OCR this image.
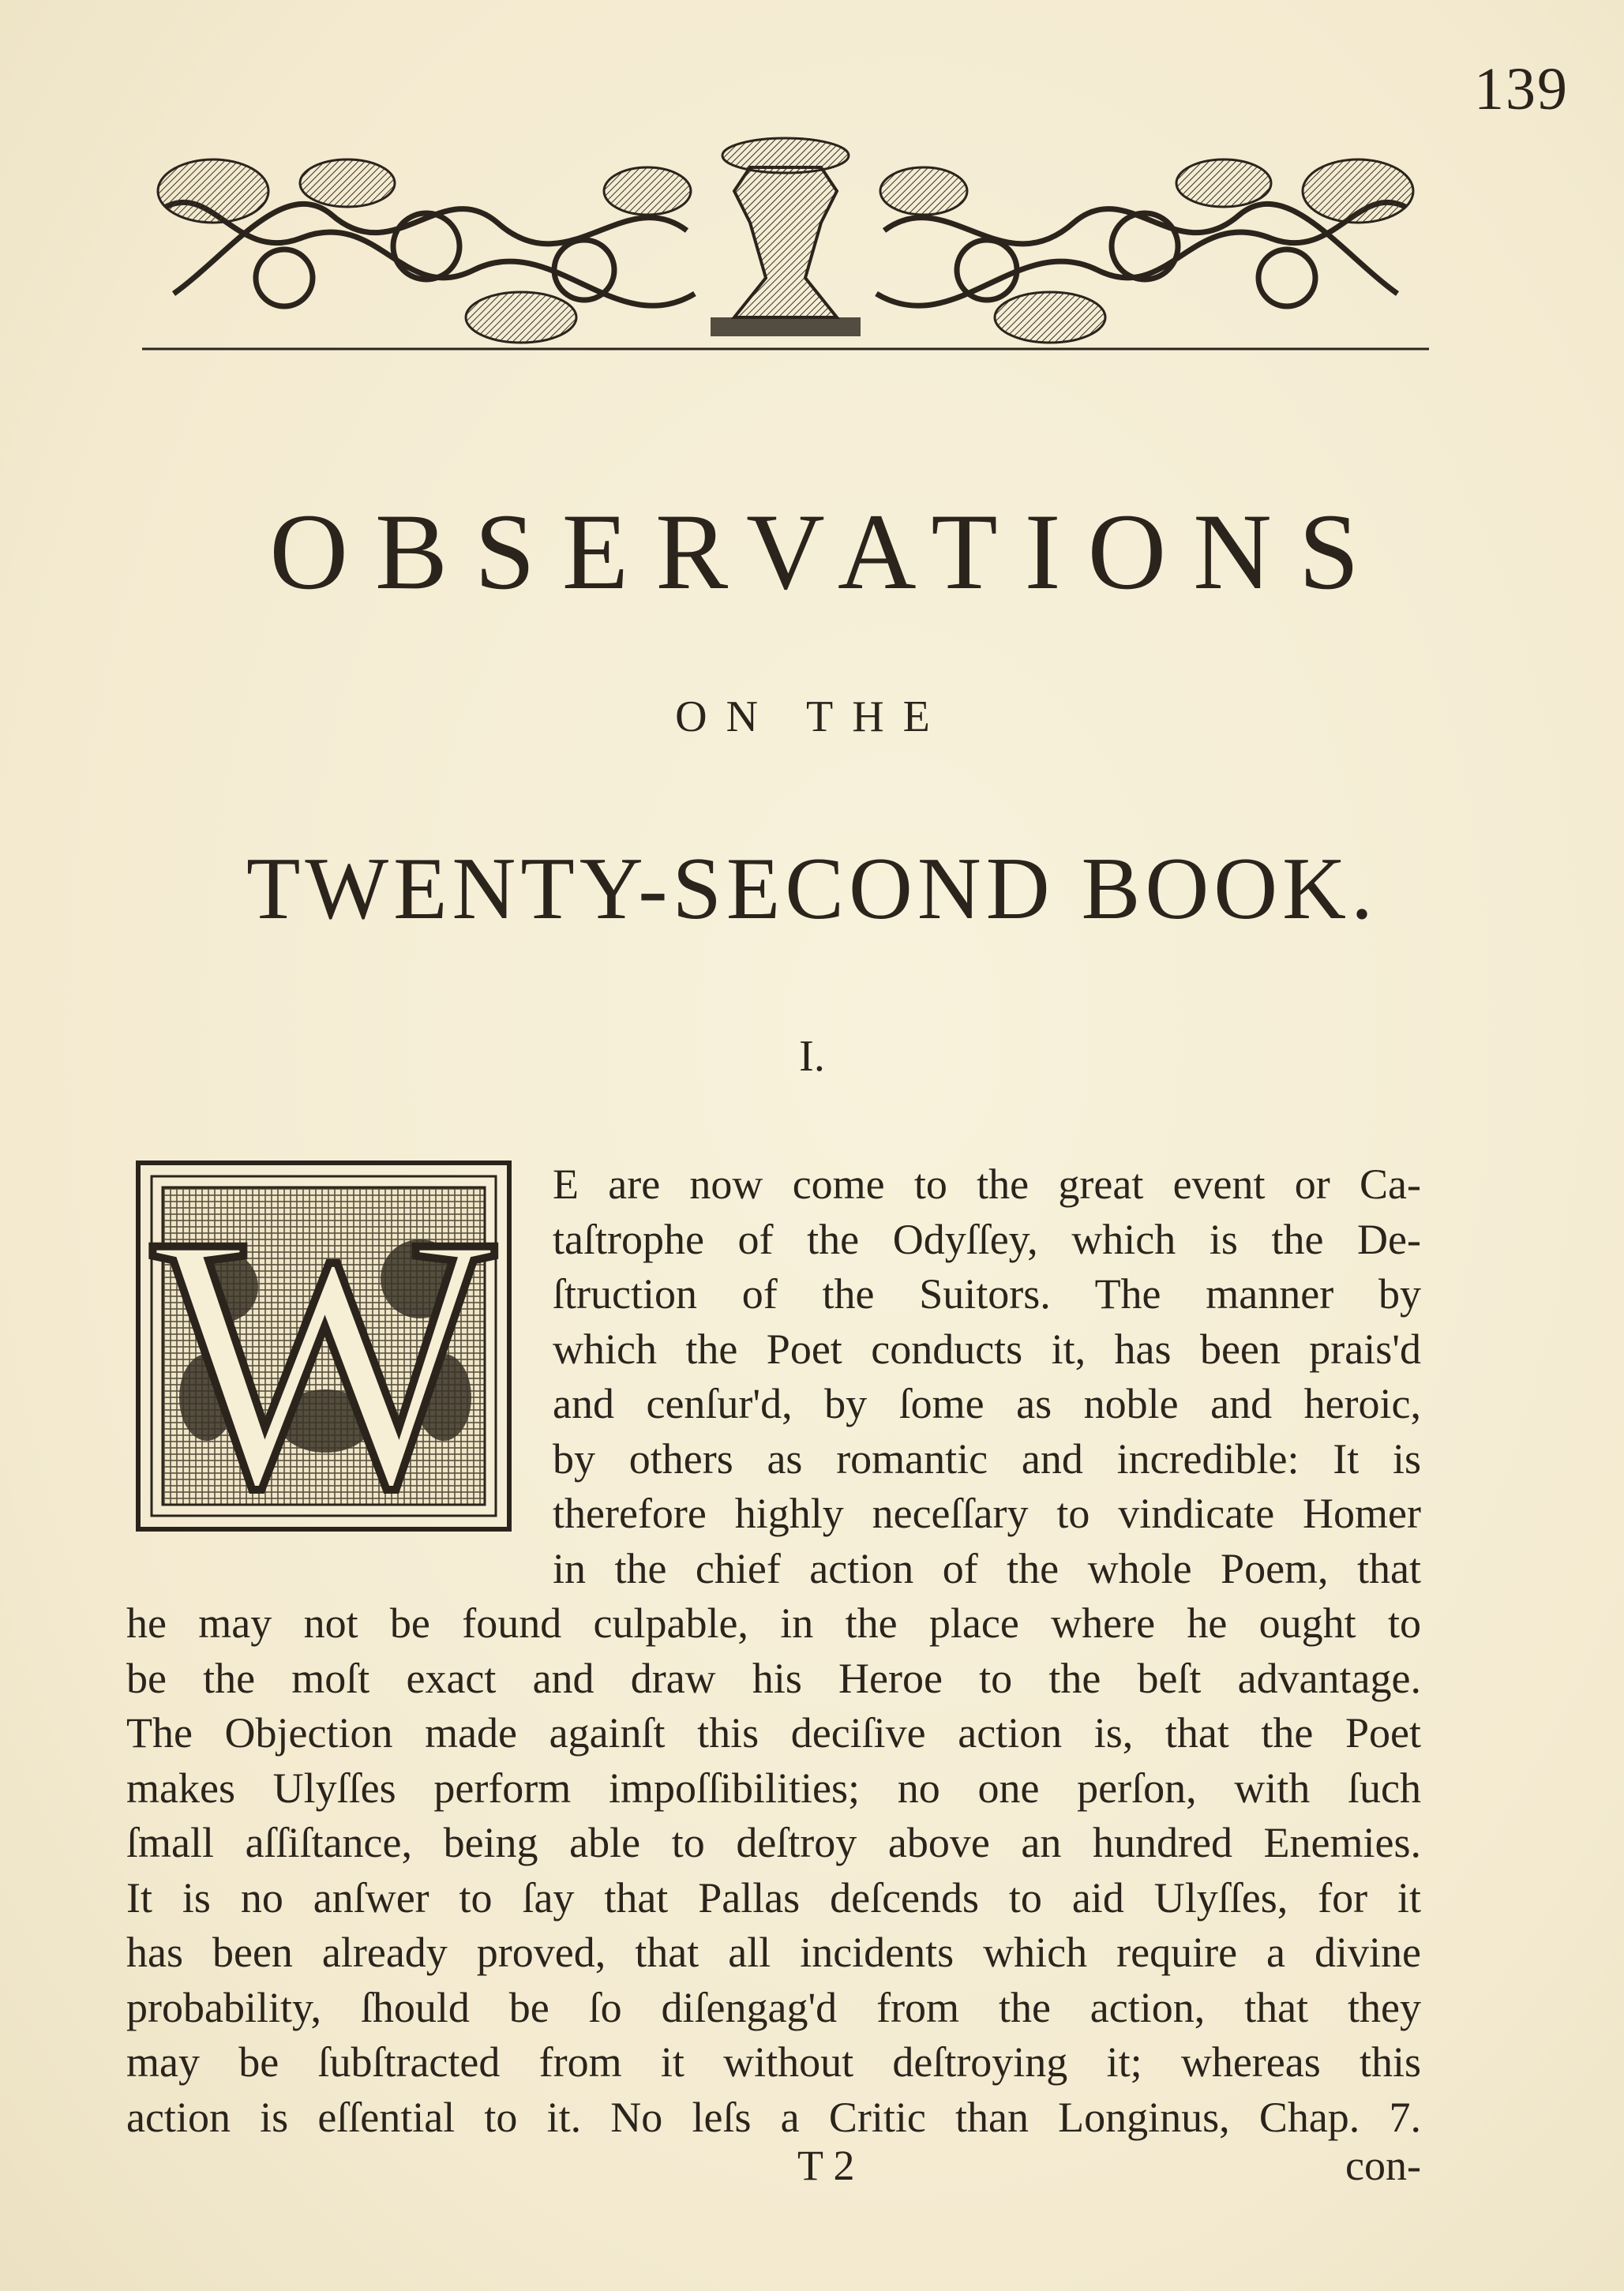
139
OBSERVATIONS
ON THE
TWENTY-SECOND BOOK.
I.
W E are now come to the great event or Ca-
taſtrophe of the Odyſſey, which is the De-
ſtruction of the Suitors. The manner by
which the Poet conducts it, has been prais'd
and cenſur'd, by ſome as noble and heroic,
by others as romantic and incredible: It is
therefore highly neceſſary to vindicate Homer
in the chief action of the whole Poem, that
he may not be found culpable, in the place where he ought to
be the moſt exact and draw his Heroe to the beſt advantage.
The Objection made againſt this deciſive action is, that the Poet
makes Ulyſſes perform impoſſibilities; no one perſon, with ſuch
ſmall aſſiſtance, being able to deſtroy above an hundred Enemies.
It is no anſwer to ſay that Pallas deſcends to aid Ulyſſes, for it
has been already proved, that all incidents which require a divine
probability, ſhould be ſo diſengag'd from the action, that they
may be ſubſtracted from it without deſtroying it; whereas this
action is eſſential to it. No leſs a Critic than Longinus, Chap. 7.
T 2	con-
